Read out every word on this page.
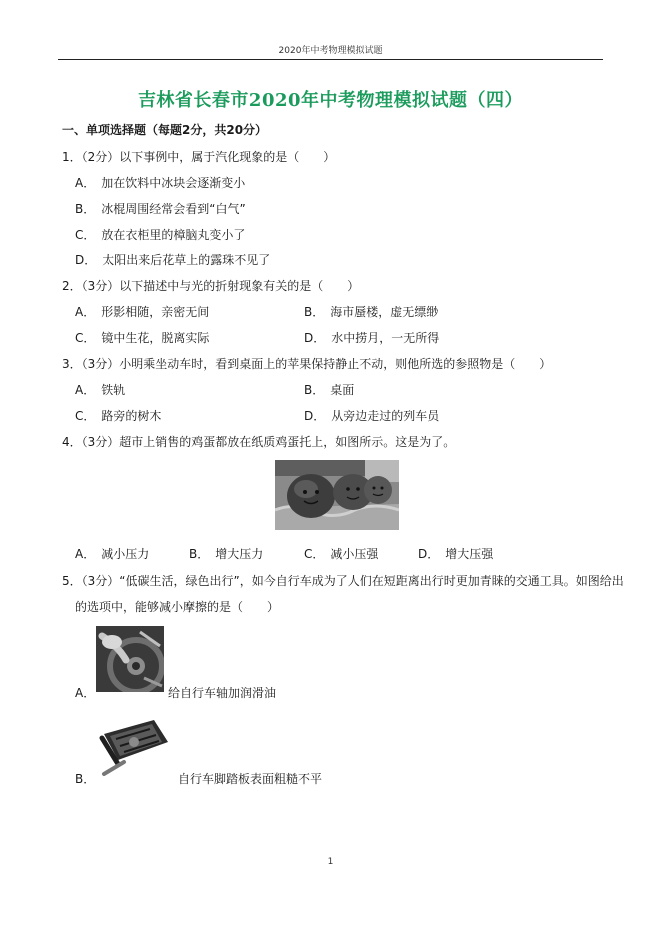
2020年中考物理模拟试题
吉林省长春市2020年中考物理模拟试题（四）
一、单项选择题（每题2分，共20分）
1．（2分）以下事例中，属于汽化现象的是（　　）
A． 加在饮料中冰块会逐渐变小
B． 冰棍周围经常会看到“白气”
C． 放在衣柜里的樟脑丸变小了
D． 太阳出来后花草上的露珠不见了
2．（3分）以下描述中与光的折射现象有关的是（　　）
A． 形影相随，亲密无间	B． 海市蜃楼，虚无缥缈
C． 镜中生花，脱离实际	D． 水中捞月，一无所得
3．（3分）小明乘坐动车时，看到桌面上的苹果保持静止不动，则他所选的参照物是（　　）
A． 铁轨	B． 桌面
C． 路旁的树木	D． 从旁边走过的列车员
4．（3分）超市上销售的鸡蛋都放在纸质鸡蛋托上，如图所示。这是为了。
A． 减小压力	B． 增大压力	C． 减小压强	D． 增大压强
5．（3分）“低碳生活，绿色出行”，如今自行车成为了人们在短距离出行时更加青睐的交通工具。如图给出
的选项中，能够减小摩擦的是（　　）
A．	给自行车轴加润滑油
B．	自行车脚踏板表面粗糙不平
1
